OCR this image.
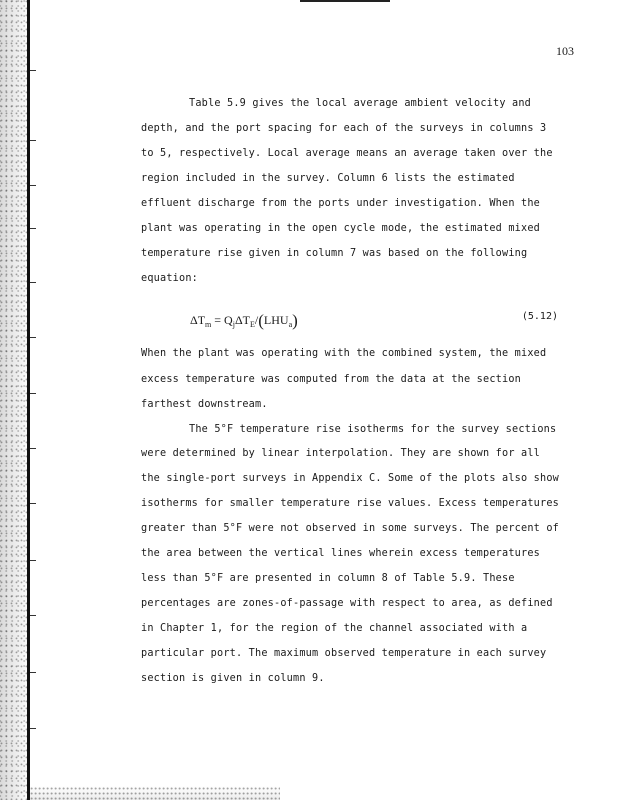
103
Table 5.9 gives the local average ambient velocity and
depth, and the port spacing for each of the surveys in columns 3
to 5, respectively. Local average means an average taken over the
region included in the survey. Column 6 lists the estimated
effluent discharge from the ports under investigation. When the
plant was operating in the open cycle mode, the estimated mixed
temperature rise given in column 7 was based on the following
equation:
$\Delta T_m = Q_j\Delta T_E/(LHU_a)$	(5.12)
When the plant was operating with the combined system, the mixed
excess temperature was computed from the data at the section
farthest downstream.
The 5°F temperature rise isotherms for the survey sections
were determined by linear interpolation. They are shown for all
the single-port surveys in Appendix C. Some of the plots also show
isotherms for smaller temperature rise values. Excess temperatures
greater than 5°F were not observed in some surveys. The percent of
the area between the vertical lines wherein excess temperatures
less than 5°F are presented in column 8 of Table 5.9. These
percentages are zones-of-passage with respect to area, as defined
in Chapter 1, for the region of the channel associated with a
particular port. The maximum observed temperature in each survey
section is given in column 9.
